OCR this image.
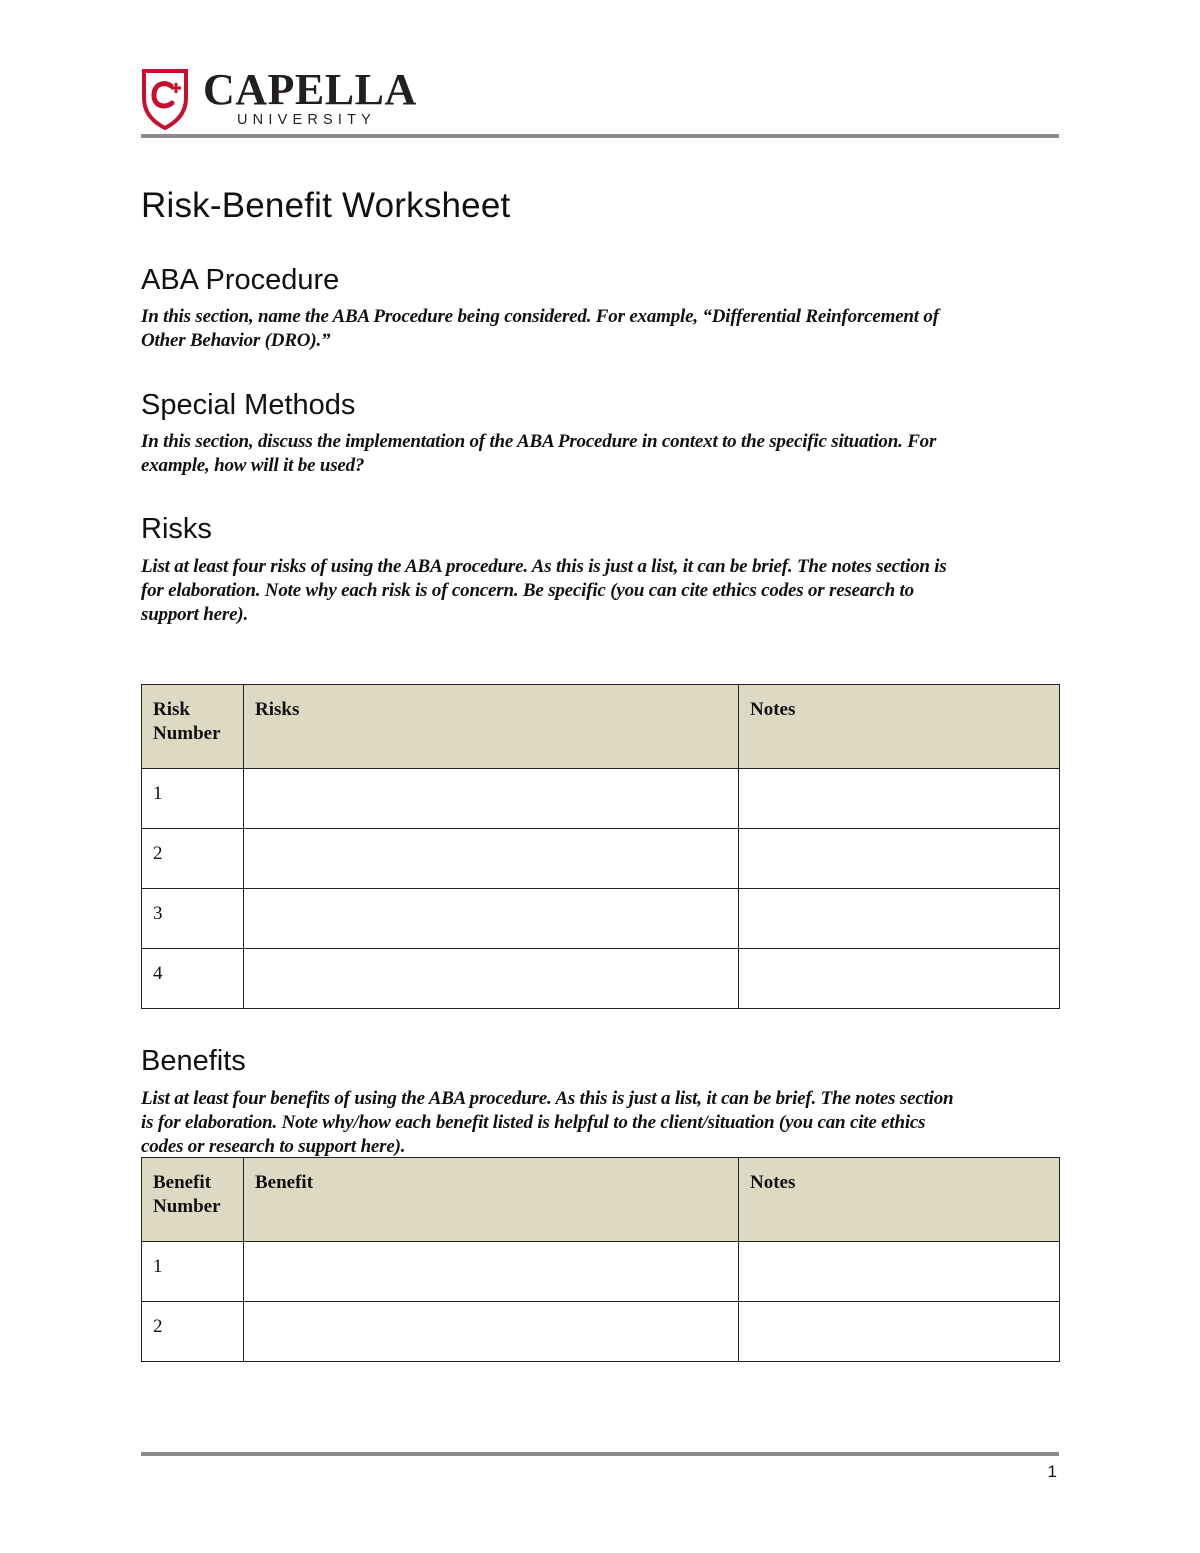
CAPELLA
UNIVERSITY
Risk-Benefit Worksheet
ABA Procedure

In this section, name the ABA Procedure being considered. For example, “Differential Reinforcement of
Other Behavior (DRO).”

Special Methods

In this section, discuss the implementation of the ABA Procedure in context to the specific situation. For
example, how will it be used?

Risks

List at least four risks of using the ABA procedure. As this is just a list, it can be brief. The notes section is
for elaboration. Note why each risk is of concern. Be specific (you can cite ethics codes or research to
support here).

Risk Number	Risks	Notes
1		
2		
3		
4		
Benefits

List at least four benefits of using the ABA procedure. As this is just a list, it can be brief. The notes section
is for elaboration. Note why/how each benefit listed is helpful to the client/situation (you can cite ethics
codes or research to support here).

Benefit Number	Benefit	Notes
1		
2		
1
